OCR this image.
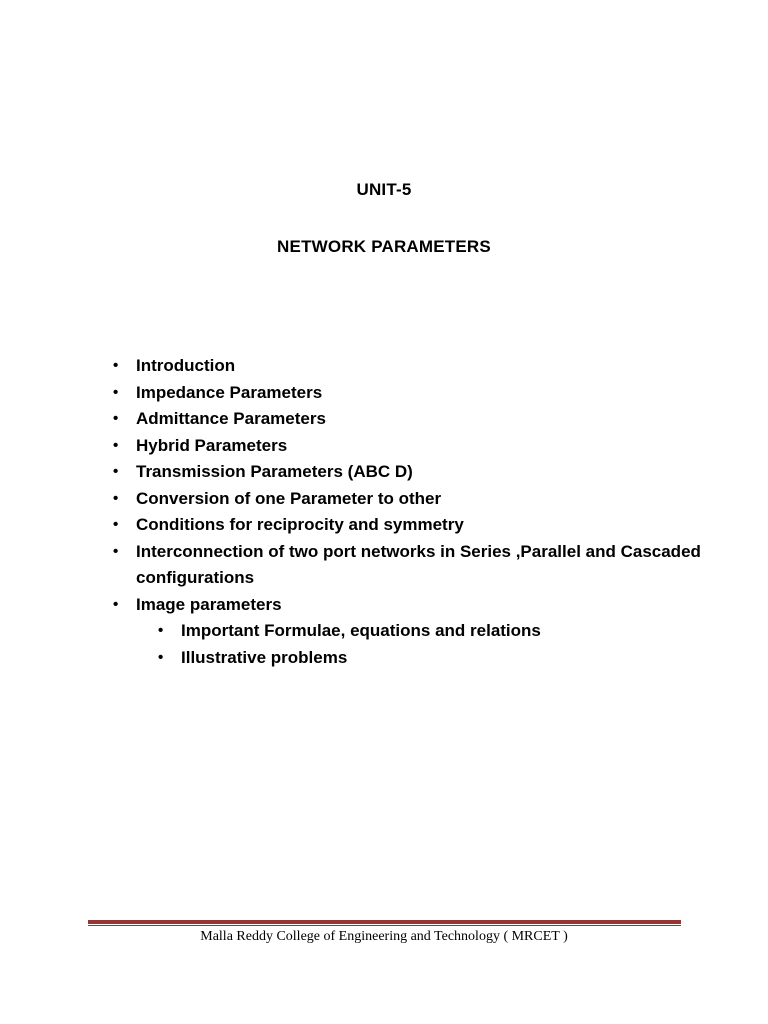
UNIT-5
NETWORK PARAMETERS
• Introduction
• Impedance Parameters
• Admittance Parameters
• Hybrid Parameters
• Transmission Parameters (ABC D)
• Conversion of one Parameter to other
• Conditions for reciprocity and symmetry
• Interconnection of two port networks in Series ,Parallel and Cascaded configurations
• Image parameters
• Important Formulae, equations and relations
• Illustrative problems
Malla Reddy College of Engineering and Technology ( MRCET )
